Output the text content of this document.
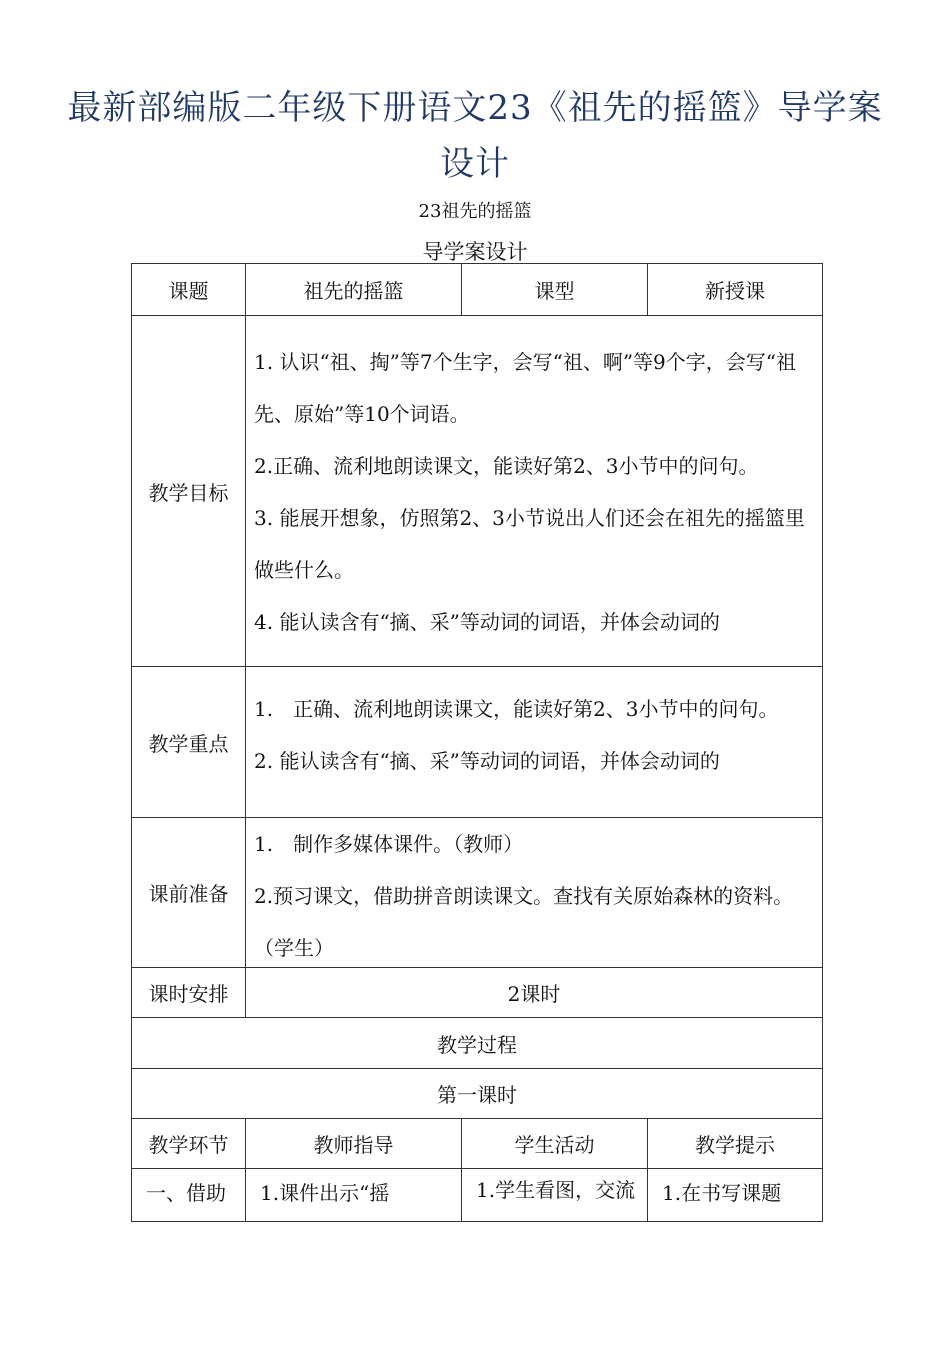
最新部编版二年级下册语文23《祖先的摇篮》导学案设计
23祖先的摇篮
导学案设计
课题	祖先的摇篮	课型	新授课
教学目标	1. 认识“祖、掏”等7个生字，会写“祖、啊”等9个字，会写“祖先、原始”等10个词语。

2.正确、流利地朗读课文，能读好第2、3小节中的问句。

3. 能展开想象，仿照第2、3小节说出人们还会在祖先的摇篮里做些什么。

4. 能认读含有“摘、采”等动词的词语，并体会动词的		

教学重点	1.　正确、流利地朗读课文，能读好第2、3小节中的问句。

2. 能认读含有“摘、采”等动词的词语，并体会动词的		

课前准备	1.　制作多媒体课件。（教师）

2.预习课文，借助拼音朗读课文。查找有关原始森林的资料。（学生）		

课时安排	2课时		
教学过程			
第一课时			
教学环节	教师指导	学生活动	教学提示

一、借助	1.课件出示“摇	1.学生看图，交流	1.在书写课题
